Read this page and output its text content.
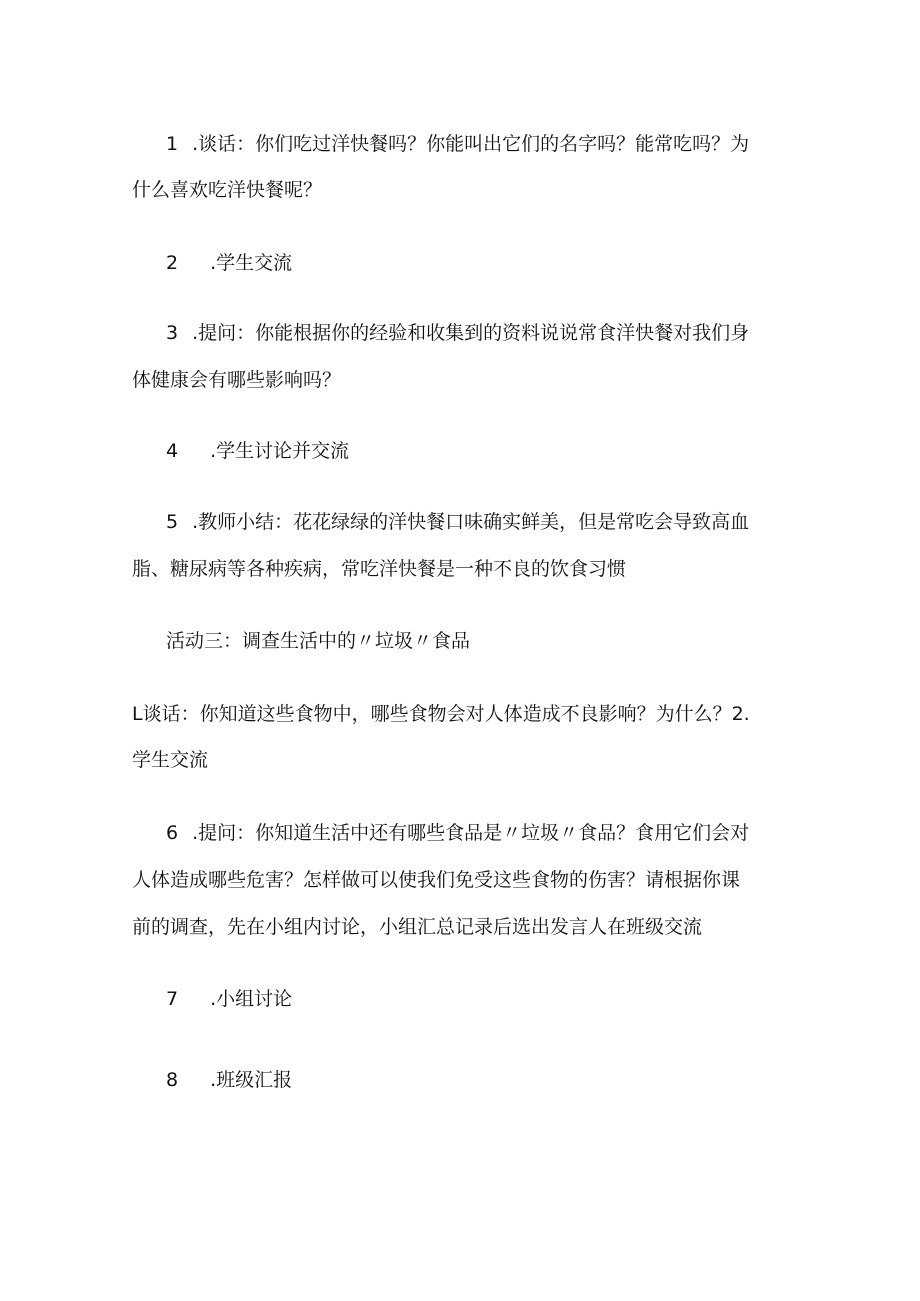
1 .谈话：你们吃过洋快餐吗？你能叫出它们的名字吗？能常吃吗？为
什么喜欢吃洋快餐呢？
2 .学生交流
3 .提问：你能根据你的经验和收集到的资料说说常食洋快餐对我们身
体健康会有哪些影响吗？
4 .学生讨论并交流
5 .教师小结：花花绿绿的洋快餐口味确实鲜美，但是常吃会导致高血
脂、糖尿病等各种疾病，常吃洋快餐是一种不良的饮食习惯
活动三：调查生活中的〃垃圾〃食品
L谈话：你知道这些食物中，哪些食物会对人体造成不良影响？为什么？2.
学生交流
6 .提问：你知道生活中还有哪些食品是〃垃圾〃食品？食用它们会对
人体造成哪些危害？怎样做可以使我们免受这些食物的伤害？请根据你课
前的调查，先在小组内讨论，小组汇总记录后选出发言人在班级交流
7 .小组讨论
8 .班级汇报
